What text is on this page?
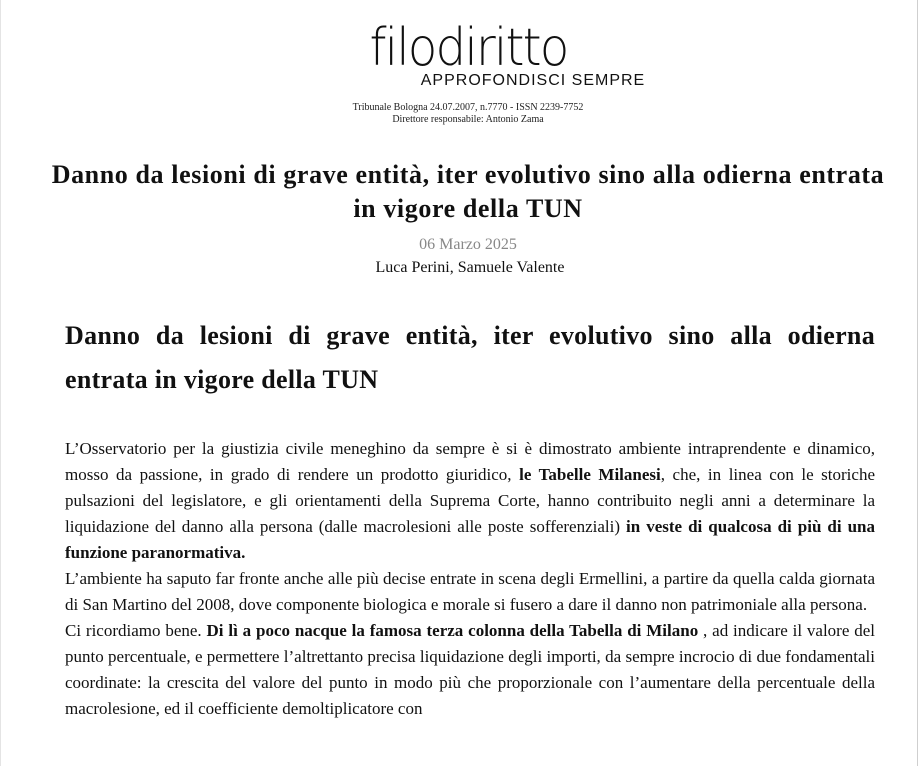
filodiritto
APPROFONDISCI SEMPRE
Tribunale Bologna 24.07.2007, n.7770 - ISSN 2239-7752
Direttore responsabile: Antonio Zama
Danno da lesioni di grave entità, iter evolutivo sino alla odierna entrata in vigore della TUN
06 Marzo 2025
Luca Perini, Samuele Valente
Danno da lesioni di grave entità, iter evolutivo sino alla odierna entrata in vigore della TUN

L’Osservatorio per la giustizia civile meneghino da sempre è si è dimostrato ambiente intraprendente e dinamico, mosso da passione, in grado di rendere un prodotto giuridico, le Tabelle Milanesi, che, in linea con le storiche pulsazioni del legislatore, e gli orientamenti della Suprema Corte, hanno contribuito negli anni a determinare la liquidazione del danno alla persona (dalle macrolesioni alle poste sofferenziali) in veste di qualcosa di più di una funzione paranormativa.

L’ambiente ha saputo far fronte anche alle più decise entrate in scena degli Ermellini, a partire da quella calda giornata di San Martino del 2008, dove componente biologica e morale si fusero a dare il danno non patrimoniale alla persona.

Ci ricordiamo bene. Di lì a poco nacque la famosa terza colonna della Tabella di Milano , ad indicare il valore del punto percentuale, e permettere l’altrettanto precisa liquidazione degli importi, da sempre incrocio di due fondamentali coordinate: la crescita del valore del punto in modo più che proporzionale con l’aumentare della percentuale della macrolesione, ed il coefficiente demoltiplicatore con
